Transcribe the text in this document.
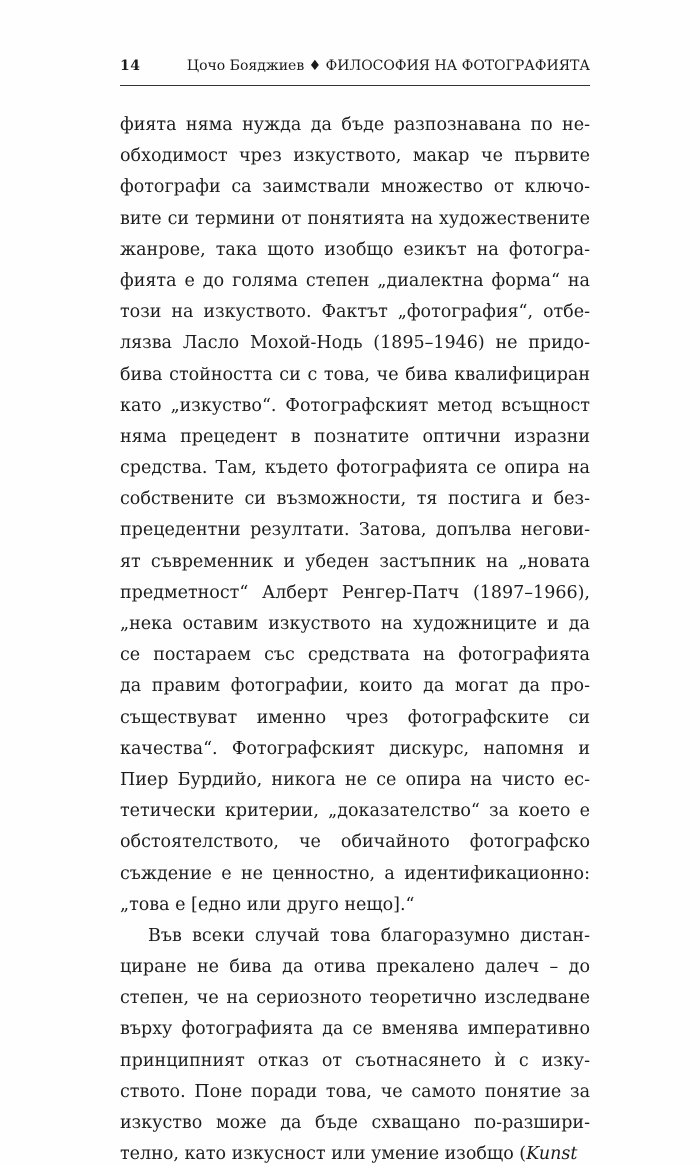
14	Цочо Бояджиев ♦ ФИЛОСОФИЯ НА ФОТОГРАФИЯТА
фията няма нужда да бъде разпознавана по не-
обходимост чрез изкуството, макар че първите
фотографи са заимствали множество от ключо-
вите си термини от понятията на художествените
жанрове, така щото изобщо езикът на фотогра-
фията е до голяма степен „диалектна форма“ на
този на изкуството. Фактът „фотография“, отбе-
лязва Ласло Мохой-Нодь (1895–1946) не придо-
бива стойността си с това, че бива квалифициран
като „изкуство“. Фотографският метод всъщност
няма прецедент в познатите оптични изразни
средства. Там, където фотографията се опира на
собствените си възможности, тя постига и без-
прецедентни резултати. Затова, допълва негови-
ят съвременник и убеден застъпник на „новата
предметност“ Алберт Ренгер-Патч (1897–1966),
„нека оставим изкуството на художниците и да
се постараем със средствата на фотографията
да правим фотографии, които да могат да про-
съществуват именно чрез фотографските си
качества“. Фотографският дискурс, напомня и
Пиер Бурдийо, никога не се опира на чисто ес-
тетически критерии, „доказателство“ за което е
обстоятелството, че обичайното фотографско
съждение е не ценностно, а идентификационно:
„това е [едно или друго нещо].“
Във всеки случай това благоразумно дистан-
циране не бива да отива прекалено далеч – до
степен, че на сериозното теоретично изследване
върху фотографията да се вменява императивно
принципният отказ от съотнасянето ѝ с изку-
ството. Поне поради това, че самото понятие за
изкуство може да бъде схващано по-разшири-
телно, като изкусност или умение изобщо (Kunst
